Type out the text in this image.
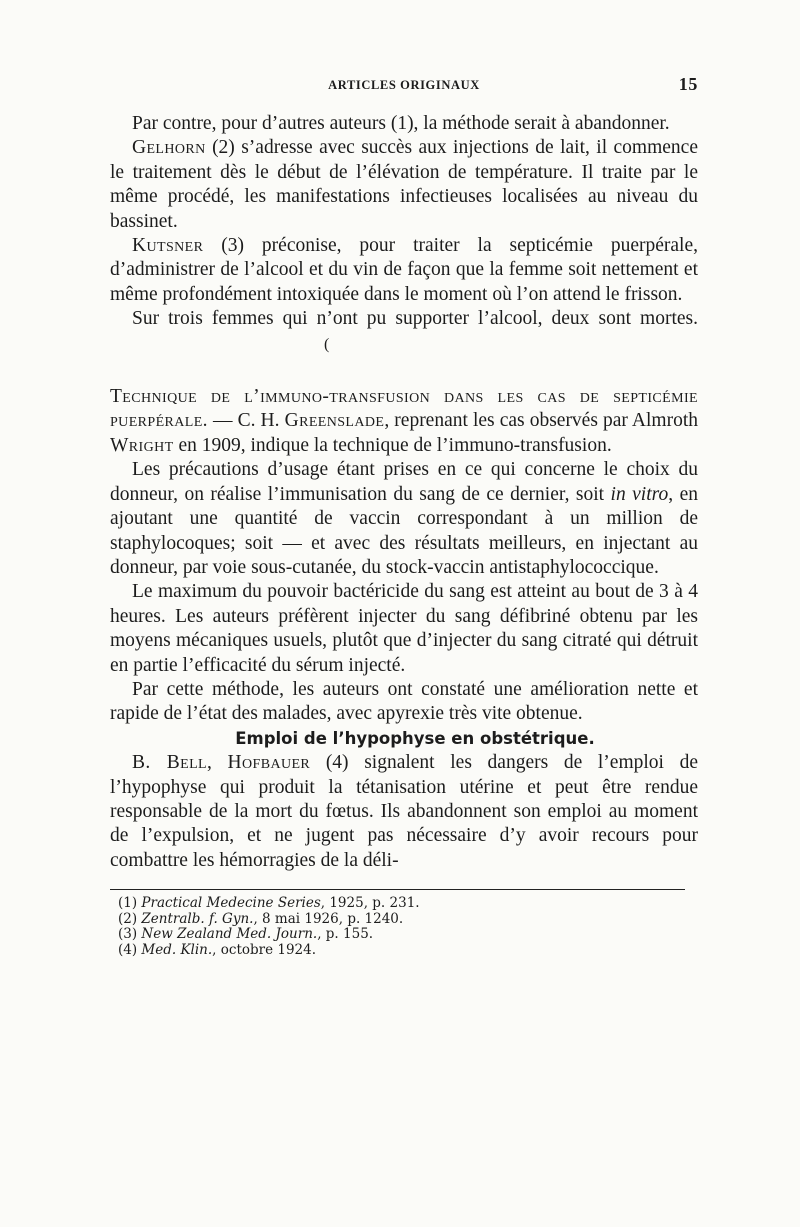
ARTICLES ORIGINAUX	15

Par contre, pour d’autres auteurs (1), la méthode serait à abandonner.

Gelhorn (2) s’adresse avec succès aux injections de lait, il commence le traitement dès le début de l’élévation de température. Il traite par le même procédé, les manifestations infectieuses localisées au niveau du bassinet.

Kutsner (3) préconise, pour traiter la septicémie puerpérale, d’administrer de l’alcool et du vin de façon que la femme soit nettement et même profondément intoxiquée dans le moment où l’on attend le frisson.

Sur trois femmes qui n’ont pu supporter l’alcool, deux sont mortes.(

Technique de l’immuno-transfusion dans les cas de septicémie puerpérale. — C. H. Greenslade, reprenant les cas observés par Almroth Wright en 1909, indique la technique de l’immuno-transfusion.

Les précautions d’usage étant prises en ce qui concerne le choix du donneur, on réalise l’immunisation du sang de ce dernier, soit in vitro, en ajoutant une quantité de vaccin correspondant à un million de staphylocoques; soit — et avec des résultats meilleurs, en injectant au donneur, par voie sous-cutanée, du stock-vaccin antistaphylococcique.

Le maximum du pouvoir bactéricide du sang est atteint au bout de 3 à 4 heures. Les auteurs préfèrent injecter du sang défibriné obtenu par les moyens mécaniques usuels, plutôt que d’injecter du sang citraté qui détruit en partie l’efficacité du sérum injecté.

Par cette méthode, les auteurs ont constaté une amélioration nette et rapide de l’état des malades, avec apyrexie très vite obtenue.

Emploi de l’hypophyse en obstétrique.

B. Bell, Hofbauer (4) signalent les dangers de l’emploi de l’hypophyse qui produit la tétanisation utérine et peut être rendue responsable de la mort du fœtus. Ils abandonnent son emploi au moment de l’expulsion, et ne jugent pas nécessaire d’y avoir recours pour combattre les hémorragies de la déli-

(1) Practical Medecine Series, 1925, p. 231.
(2) Zentralb. f. Gyn., 8 mai 1926, p. 1240.
(3) New Zealand Med. Journ., p. 155.
(4) Med. Klin., octobre 1924.
